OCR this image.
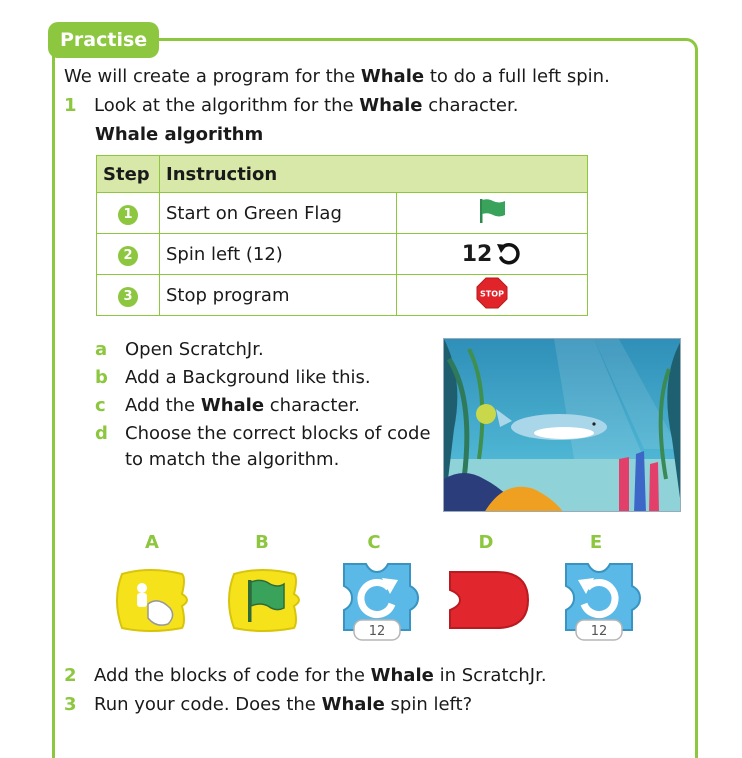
Practise
We will create a program for the Whale to do a full left spin.
1 Look at the algorithm for the Whale character.
Whale algorithm
Step	Instruction	
1	Start on Green Flag	
2	Spin left (12)	12

3	Stop program	STOP
a Open ScratchJr.
b Add a Background like this.
c Add the Whale character.
d Choose the correct blocks of code
to match the algorithm.
A	B	C	D	E
12	12
2 Add the blocks of code for the Whale in ScratchJr.
3 Run your code. Does the Whale spin left?
